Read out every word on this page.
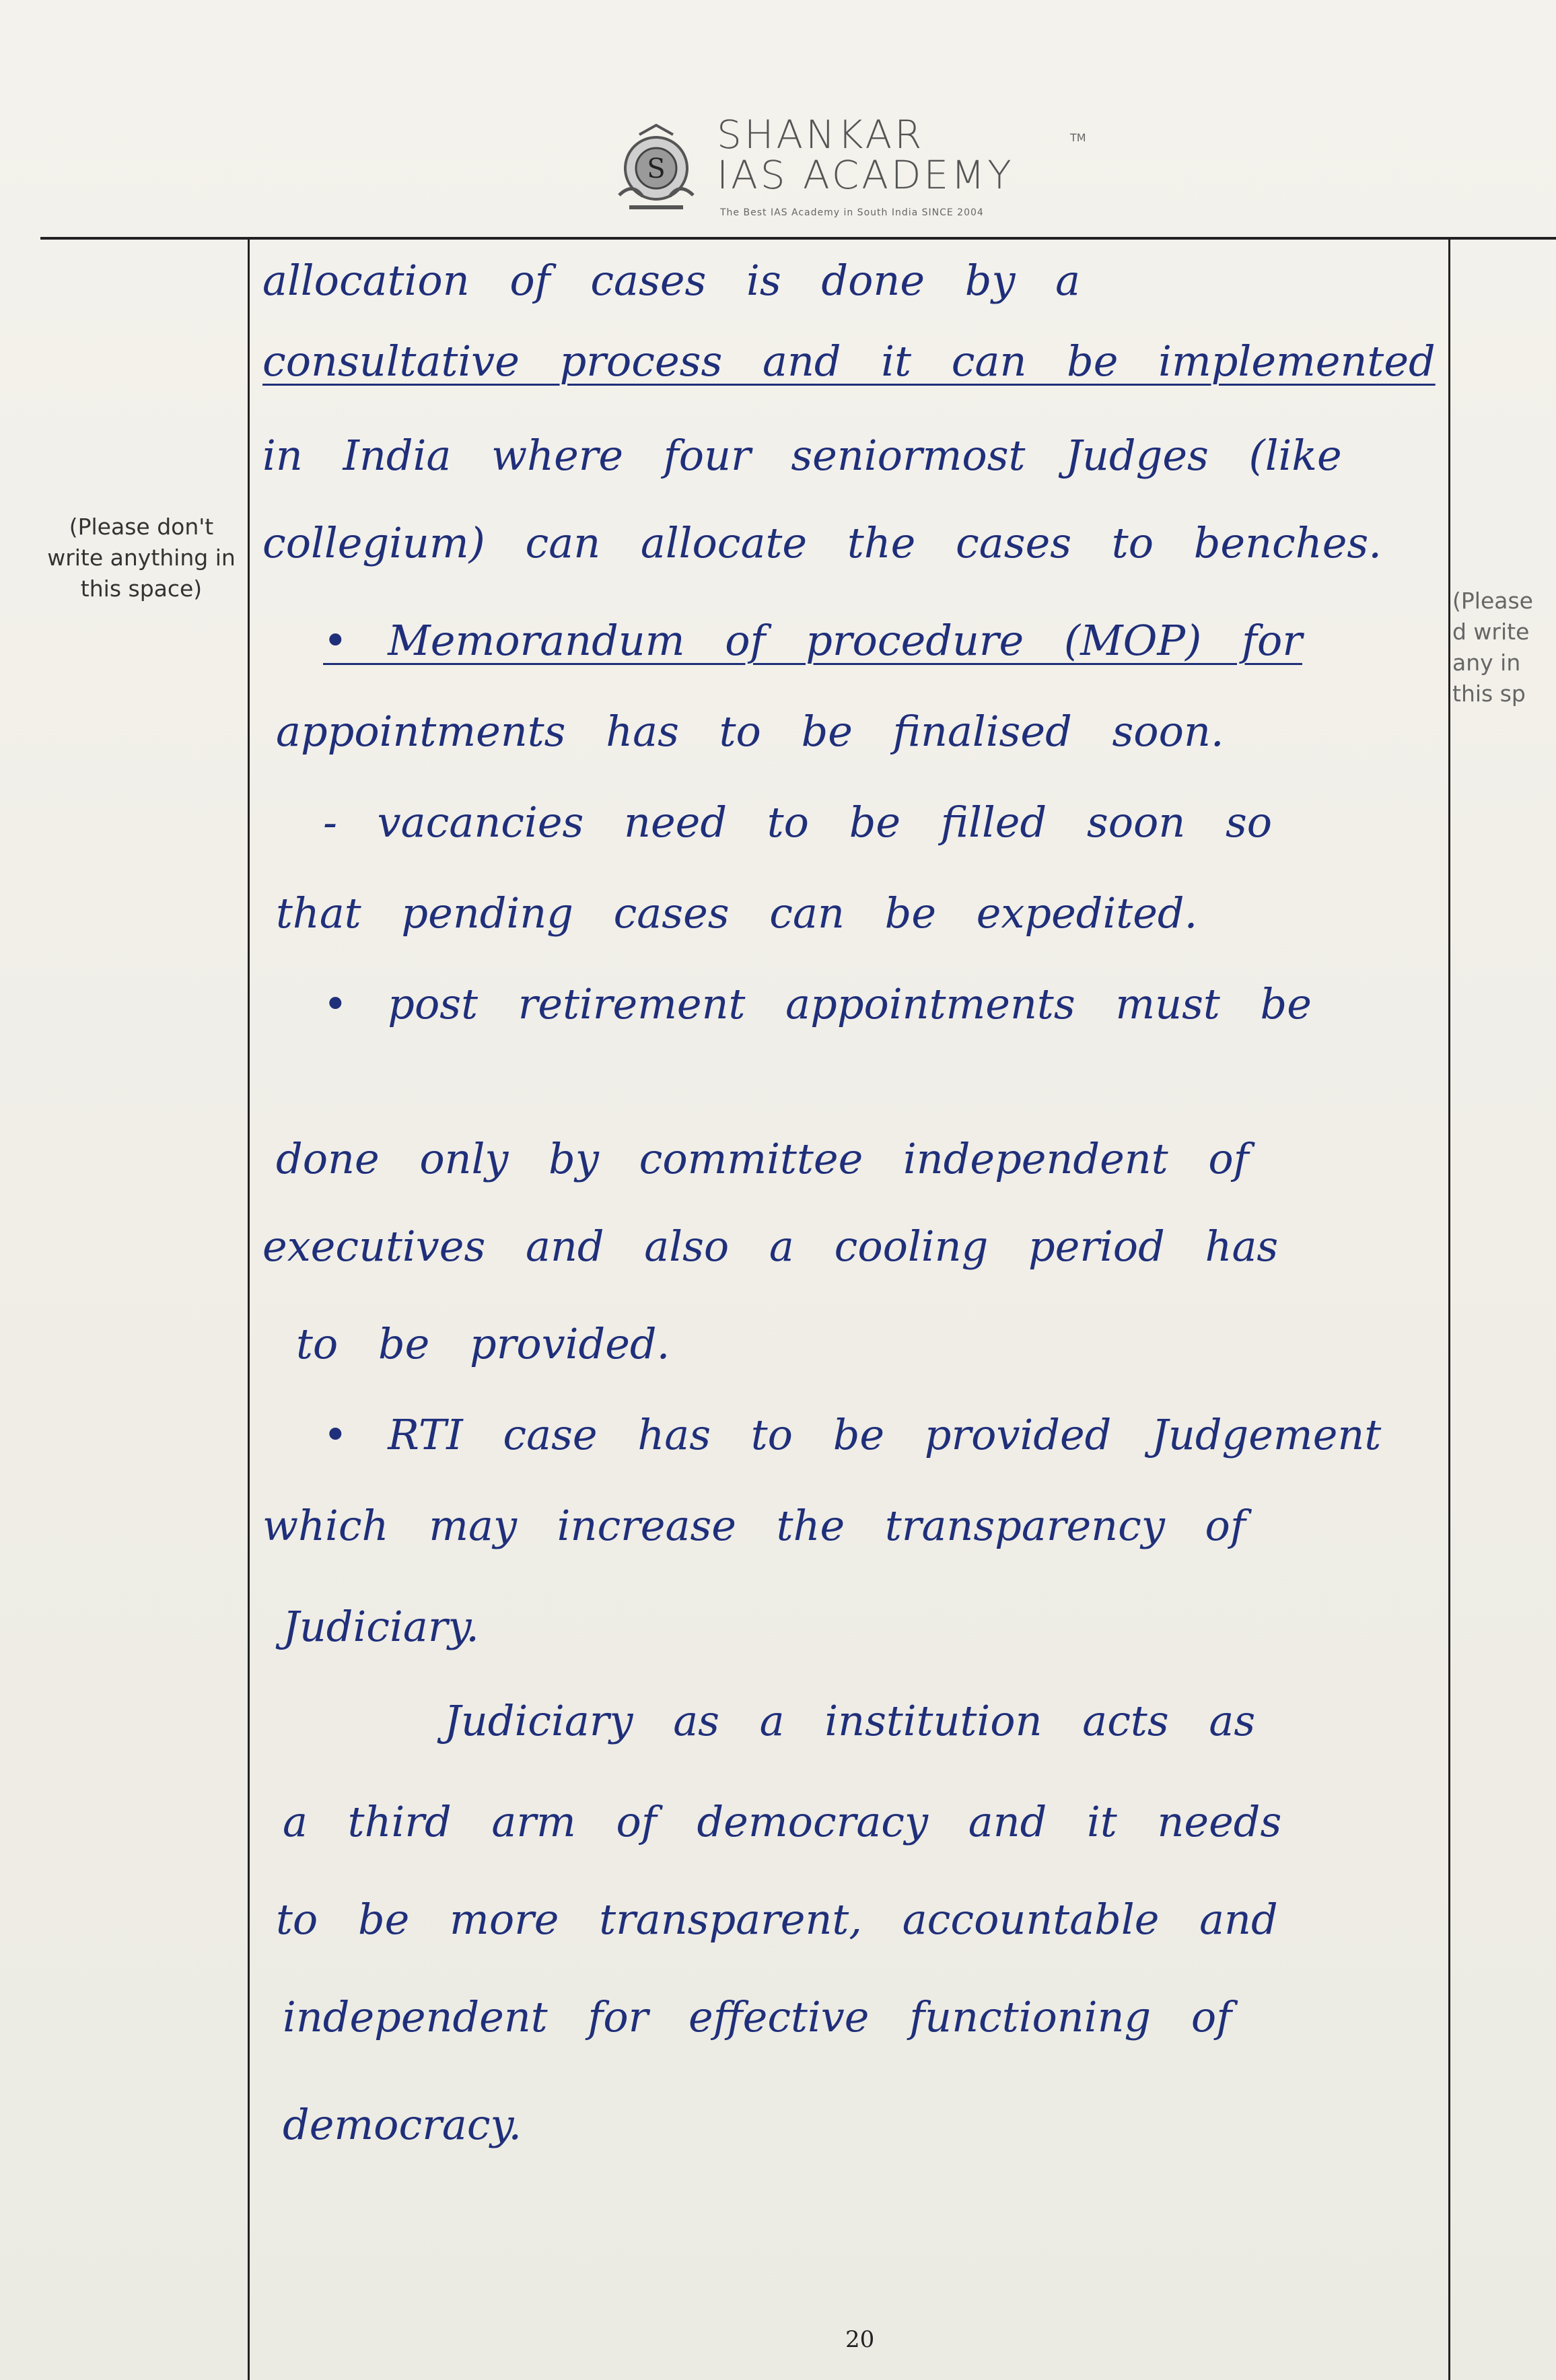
S
SHANKAR
IAS ACADEMY
TM
The Best IAS Academy in South India SINCE 2004
(Please don't write anything in this space)	(Please d write any in this sp
allocation of cases is done by a
consultative process and it can be implemented
in India where four seniormost Judges (like
collegium) can allocate the cases to benches.
• Memorandum of procedure (MOP) for
appointments has to be finalised soon.
- vacancies need to be filled soon so
that pending cases can be expedited.
• post retirement appointments must be
done only by committee independent of
executives and also a cooling period has
to be provided.
• RTI case has to be provided Judgement
which may increase the transparency of
Judiciary.
Judiciary as a institution acts as
a third arm of democracy and it needs
to be more transparent, accountable and
independent for effective functioning of
democracy.
20
